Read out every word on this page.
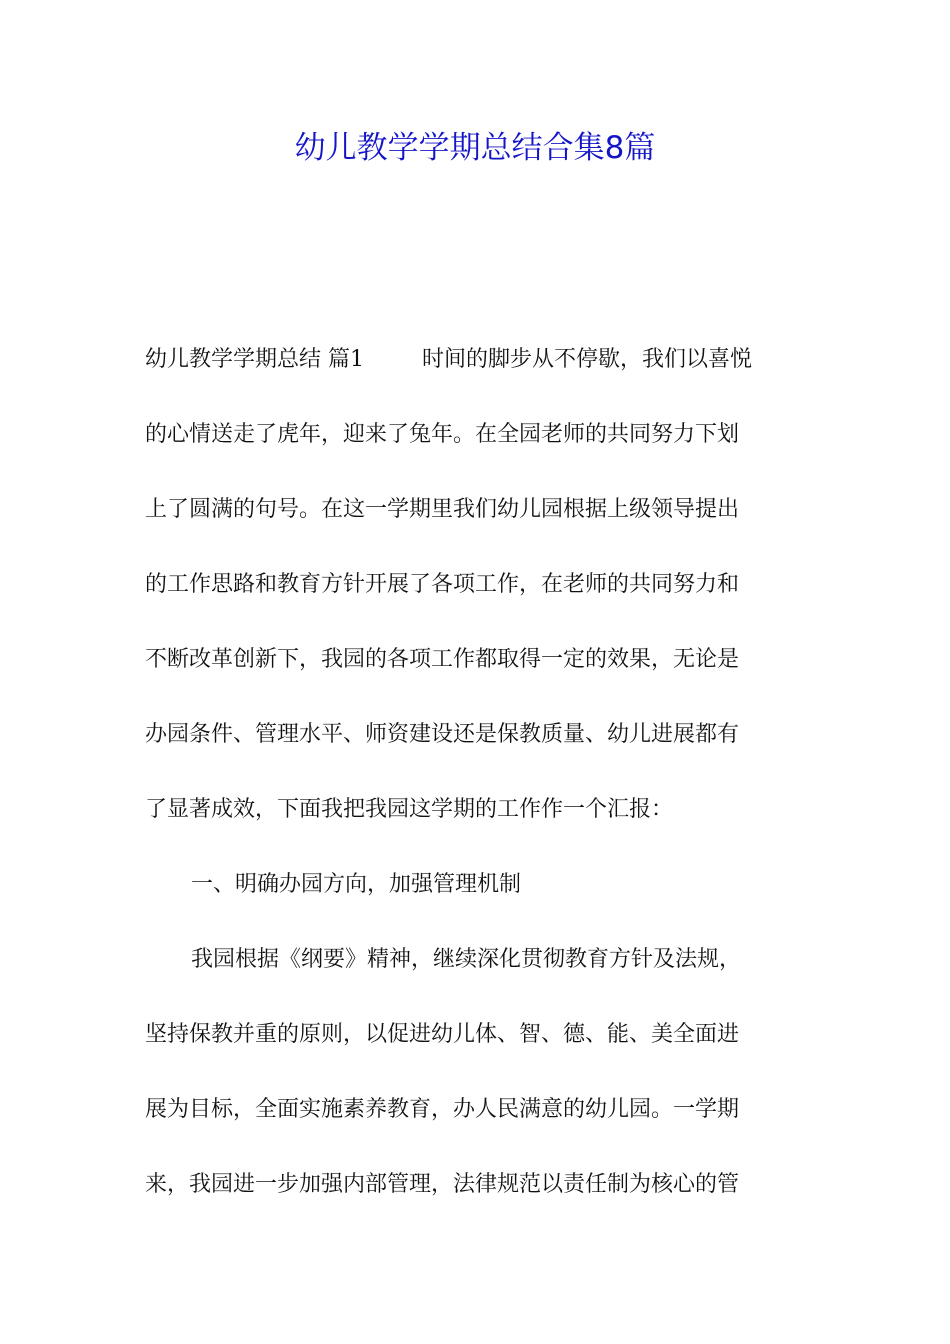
幼儿教学学期总结合集8篇

幼儿教学学期总结 篇1	时间的脚步从不停歇，我们以喜悦

的心情送走了虎年，迎来了兔年。在全园老师的共同努力下划

上了圆满的句号。在这一学期里我们幼儿园根据上级领导提出

的工作思路和教育方针开展了各项工作，在老师的共同努力和

不断改革创新下，我园的各项工作都取得一定的效果，无论是

办园条件、管理水平、师资建设还是保教质量、幼儿进展都有

了显著成效，下面我把我园这学期的工作作一个汇报：

一、明确办园方向，加强管理机制

我园根据《纲要》精神，继续深化贯彻教育方针及法规，

坚持保教并重的原则，以促进幼儿体、智、德、能、美全面进

展为目标，全面实施素养教育，办人民满意的幼儿园。一学期

来，我园进一步加强内部管理，法律规范以责任制为核心的管
